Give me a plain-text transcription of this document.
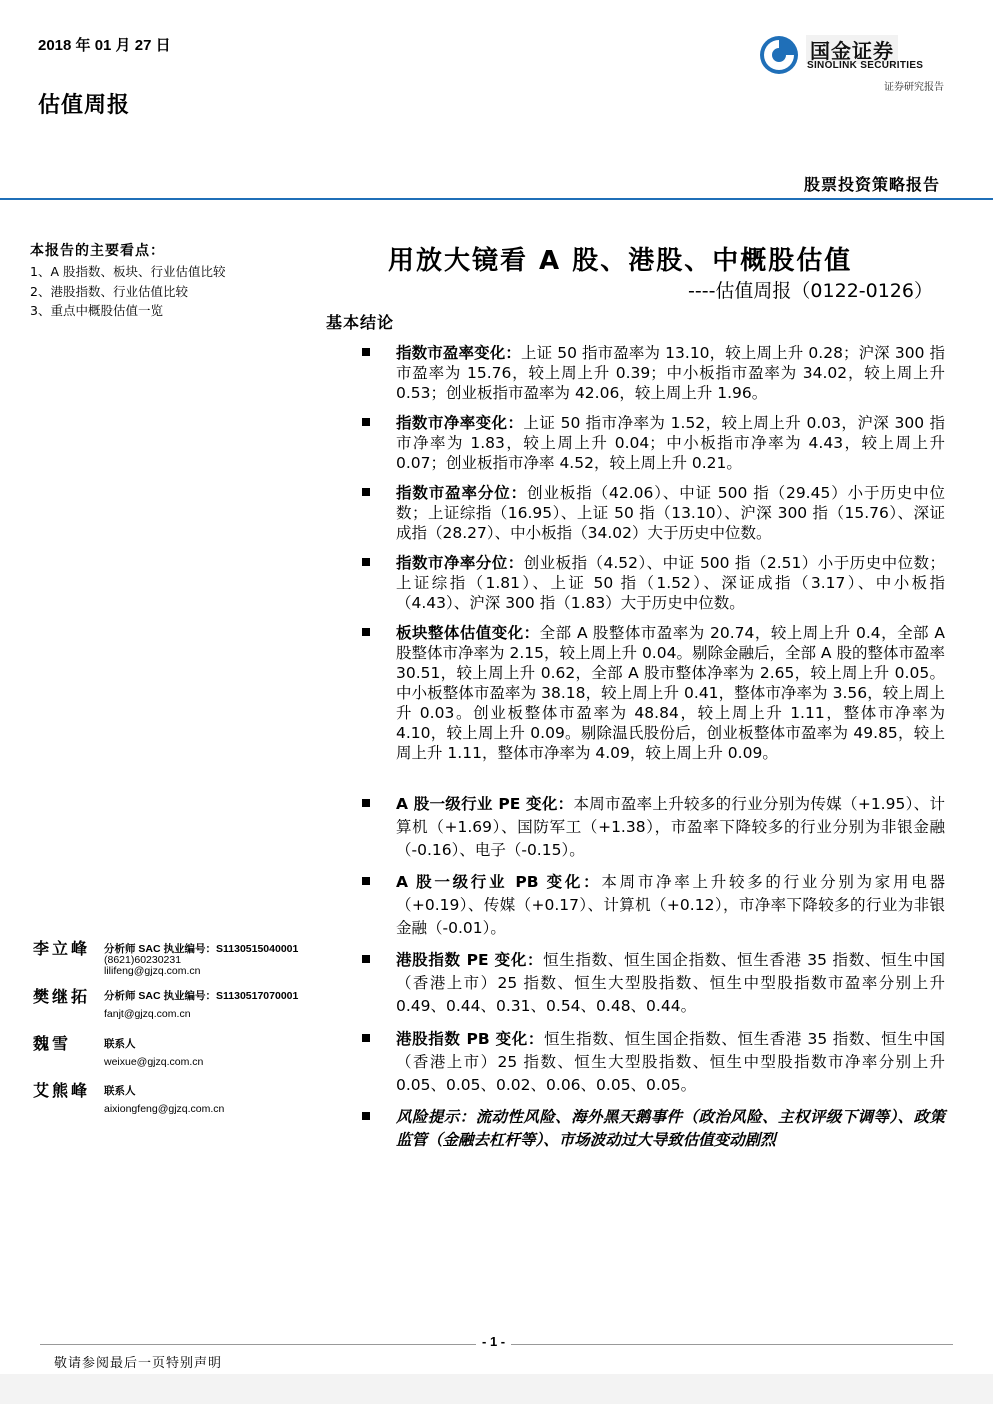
2018 年 01 月 27 日
估值周报
国金证券
SINOLINK SECURITIES
证券研究报告
股票投资策略报告
本报告的主要看点：
1、A 股指数、板块、行业估值比较
2、港股指数、行业估值比较
3、重点中概股估值一览
用放大镜看 A 股、港股、中概股估值
----估值周报（0122-0126）
基本结论
指数市盈率变化：上证 50 指市盈率为 13.10，较上周上升 0.28；沪深 300 指市盈率为 15.76，较上周上升 0.39；中小板指市盈率为 34.02，较上周上升 0.53；创业板指市盈率为 42.06，较上周上升 1.96。
指数市净率变化：上证 50 指市净率为 1.52，较上周上升 0.03，沪深 300 指市净率为 1.83，较上周上升 0.04；中小板指市净率为 4.43，较上周上升 0.07；创业板指市净率 4.52，较上周上升 0.21。
指数市盈率分位：创业板指（42.06）、中证 500 指（29.45）小于历史中位数；上证综指（16.95）、上证 50 指（13.10）、沪深 300 指（15.76）、深证成指（28.27）、中小板指（34.02）大于历史中位数。
指数市净率分位：创业板指（4.52）、中证 500 指（2.51）小于历史中位数；上证综指（1.81）、上证 50 指（1.52）、深证成指（3.17）、中小板指（4.43）、沪深 300 指（1.83）大于历史中位数。
板块整体估值变化：全部 A 股整体市盈率为 20.74，较上周上升 0.4，全部 A 股整体市净率为 2.15，较上周上升 0.04。剔除金融后，全部 A 股的整体市盈率 30.51，较上周上升 0.62，全部 A 股市整体净率为 2.65，较上周上升 0.05。中小板整体市盈率为 38.18，较上周上升 0.41，整体市净率为 3.56，较上周上升 0.03。创业板整体市盈率为 48.84，较上周上升 1.11，整体市净率为 4.10，较上周上升 0.09。剔除温氏股份后，创业板整体市盈率为 49.85，较上周上升 1.11，整体市净率为 4.09，较上周上升 0.09。
A 股一级行业 PE 变化：本周市盈率上升较多的行业分别为传媒（+1.95）、计算机（+1.69）、国防军工（+1.38），市盈率下降较多的行业分别为非银金融（-0.16）、电子（-0.15）。
A 股一级行业 PB 变化：本周市净率上升较多的行业分别为家用电器（+0.19）、传媒（+0.17）、计算机（+0.12），市净率下降较多的行业为非银金融（-0.01）。
港股指数 PE 变化：恒生指数、恒生国企指数、恒生香港 35 指数、恒生中国（香港上市）25 指数、恒生大型股指数、恒生中型股指数市盈率分别上升 0.49、0.44、0.31、0.54、0.48、0.44。
港股指数 PB 变化：恒生指数、恒生国企指数、恒生香港 35 指数、恒生中国（香港上市）25 指数、恒生大型股指数、恒生中型股指数市净率分别上升 0.05、0.05、0.02、0.06、0.05、0.05。
风险提示：流动性风险、海外黑天鹅事件（政治风险、主权评级下调等）、政策监管（金融去杠杆等）、市场波动过大导致估值变动剧烈
李立峰 分析师 SAC 执业编号：S1130515040001
(8621)60230231
lilifeng@gjzq.com.cn
樊继拓 分析师 SAC 执业编号：S1130517070001
fanjt@gjzq.com.cn
魏雪	联系人
weixue@gjzq.com.cn
艾熊峰 联系人
aixiongfeng@gjzq.com.cn
- 1 -
敬请参阅最后一页特别声明
